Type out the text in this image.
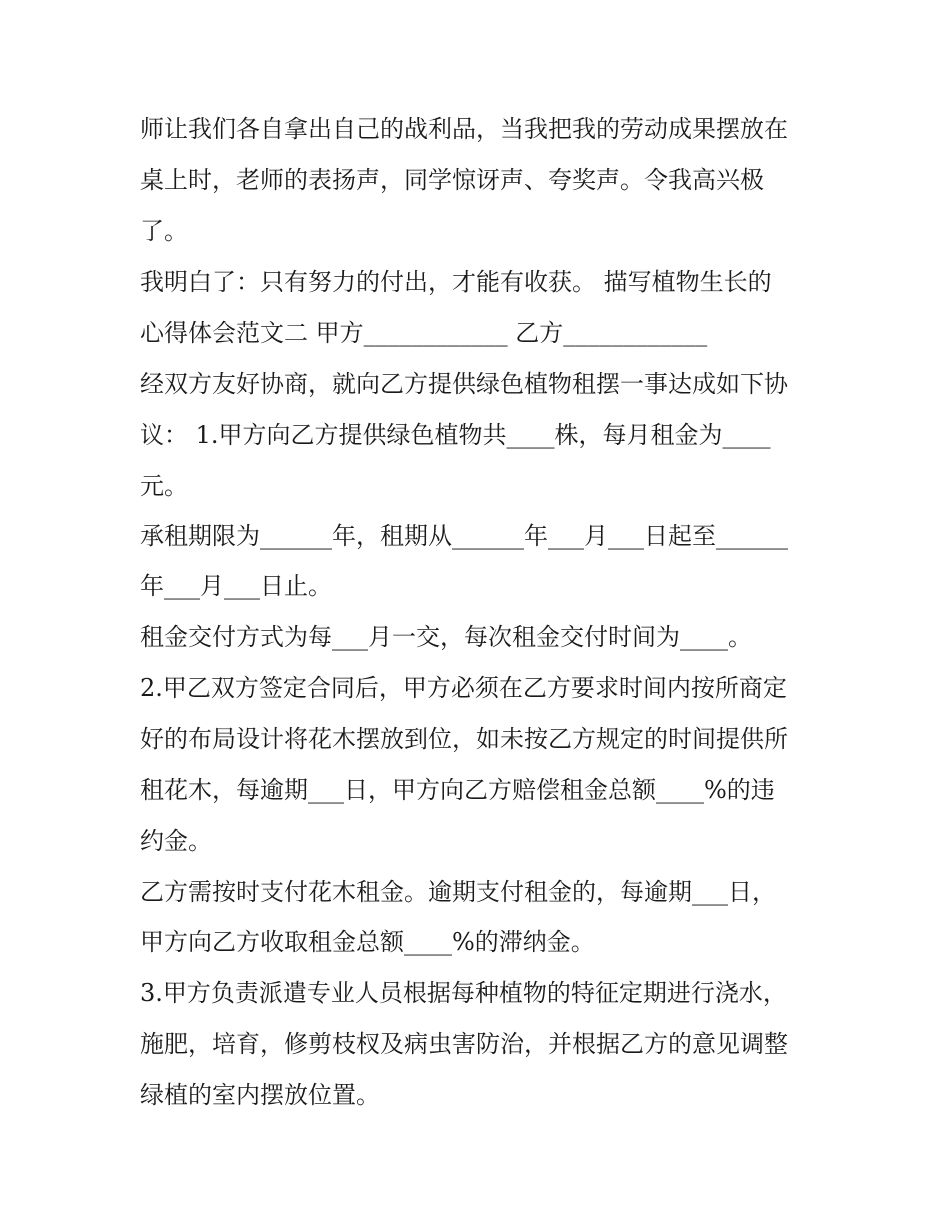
师让我们各自拿出自己的战利品，当我把我的劳动成果摆放在
桌上时，老师的表扬声，同学惊讶声、夸奖声。令我高兴极
了。
我明白了：只有努力的付出，才能有收获。 描写植物生长的
心得体会范文二 甲方____________ 乙方____________
经双方友好协商，就向乙方提供绿色植物租摆一事达成如下协
议： 1.甲方向乙方提供绿色植物共____株，每月租金为____
元。
承租期限为______年，租期从______年___月___日起至______
年___月___日止。
租金交付方式为每___月一交，每次租金交付时间为____。
2.甲乙双方签定合同后，甲方必须在乙方要求时间内按所商定
好的布局设计将花木摆放到位，如未按乙方规定的时间提供所
租花木，每逾期___日，甲方向乙方赔偿租金总额____%的违
约金。
乙方需按时支付花木租金。逾期支付租金的，每逾期___日，
甲方向乙方收取租金总额____%的滞纳金。
3.甲方负责派遣专业人员根据每种植物的特征定期进行浇水，
施肥，培育，修剪枝杈及病虫害防治，并根据乙方的意见调整
绿植的室内摆放位置。
